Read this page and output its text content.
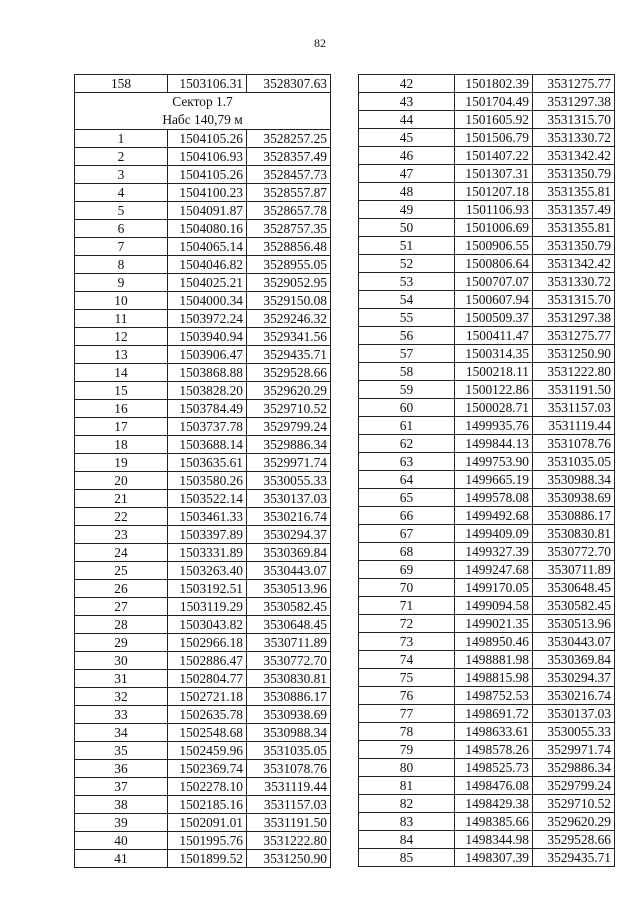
82
158	1503106.31	3528307.63

Сектор 1.7
Набс 140,79 м		

1	1504105.26	3528257.25
2	1504106.93	3528357.49
3	1504105.26	3528457.73
4	1504100.23	3528557.87
5	1504091.87	3528657.78
6	1504080.16	3528757.35
7	1504065.14	3528856.48
8	1504046.82	3528955.05
9	1504025.21	3529052.95
10	1504000.34	3529150.08
11	1503972.24	3529246.32
12	1503940.94	3529341.56
13	1503906.47	3529435.71
14	1503868.88	3529528.66
15	1503828.20	3529620.29
16	1503784.49	3529710.52
17	1503737.78	3529799.24
18	1503688.14	3529886.34
19	1503635.61	3529971.74
20	1503580.26	3530055.33
21	1503522.14	3530137.03
22	1503461.33	3530216.74
23	1503397.89	3530294.37
24	1503331.89	3530369.84
25	1503263.40	3530443.07
26	1503192.51	3530513.96
27	1503119.29	3530582.45
28	1503043.82	3530648.45
29	1502966.18	3530711.89
30	1502886.47	3530772.70
31	1502804.77	3530830.81
32	1502721.18	3530886.17
33	1502635.78	3530938.69
34	1502548.68	3530988.34
35	1502459.96	3531035.05
36	1502369.74	3531078.76
37	1502278.10	3531119.44
38	1502185.16	3531157.03
39	1502091.01	3531191.50
40	1501995.76	3531222.80
41	1501899.52	3531250.90
42	1501802.39	3531275.77
43	1501704.49	3531297.38
44	1501605.92	3531315.70
45	1501506.79	3531330.72
46	1501407.22	3531342.42
47	1501307.31	3531350.79
48	1501207.18	3531355.81
49	1501106.93	3531357.49
50	1501006.69	3531355.81
51	1500906.55	3531350.79
52	1500806.64	3531342.42
53	1500707.07	3531330.72
54	1500607.94	3531315.70
55	1500509.37	3531297.38
56	1500411.47	3531275.77
57	1500314.35	3531250.90
58	1500218.11	3531222.80
59	1500122.86	3531191.50
60	1500028.71	3531157.03
61	1499935.76	3531119.44
62	1499844.13	3531078.76
63	1499753.90	3531035.05
64	1499665.19	3530988.34
65	1499578.08	3530938.69
66	1499492.68	3530886.17
67	1499409.09	3530830.81
68	1499327.39	3530772.70
69	1499247.68	3530711.89
70	1499170.05	3530648.45
71	1499094.58	3530582.45
72	1499021.35	3530513.96
73	1498950.46	3530443.07
74	1498881.98	3530369.84
75	1498815.98	3530294.37
76	1498752.53	3530216.74
77	1498691.72	3530137.03
78	1498633.61	3530055.33
79	1498578.26	3529971.74
80	1498525.73	3529886.34
81	1498476.08	3529799.24
82	1498429.38	3529710.52
83	1498385.66	3529620.29
84	1498344.98	3529528.66
85	1498307.39	3529435.71
